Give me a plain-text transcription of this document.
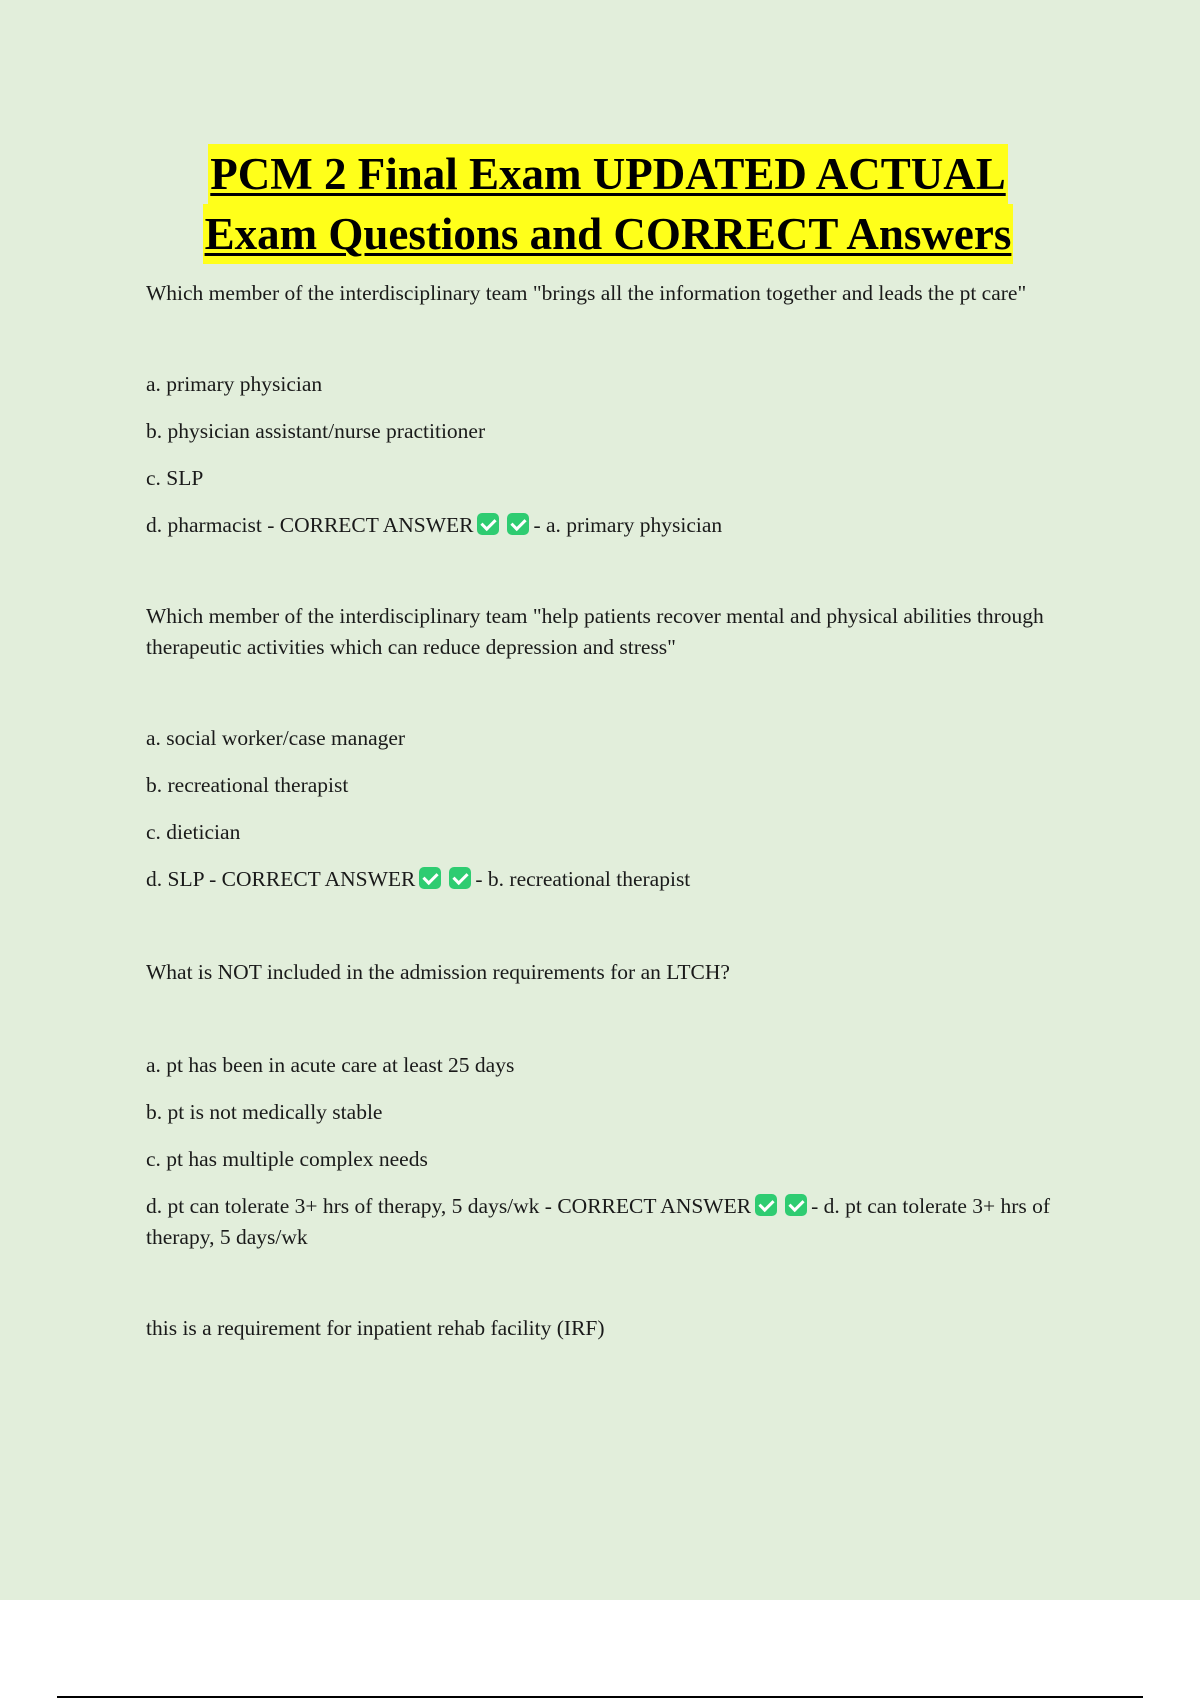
PCM 2 Final Exam UPDATED ACTUAL
Exam Questions and CORRECT Answers

Which member of the interdisciplinary team "brings all the information together and leads the pt care"

a. primary physician

b. physician assistant/nurse practitioner

c. SLP

d. pharmacist - CORRECT ANSWER	- a. primary physician

Which member of the interdisciplinary team "help patients recover mental and physical abilities through therapeutic activities which can reduce depression and stress"

a. social worker/case manager

b. recreational therapist

c. dietician

d. SLP - CORRECT ANSWER	- b. recreational therapist

What is NOT included in the admission requirements for an LTCH?

a. pt has been in acute care at least 25 days

b. pt is not medically stable

c. pt has multiple complex needs

d. pt can tolerate 3+ hrs of therapy, 5 days/wk - CORRECT ANSWER	- d. pt can tolerate 3+ hrs of therapy, 5 days/wk

this is a requirement for inpatient rehab facility (IRF)
